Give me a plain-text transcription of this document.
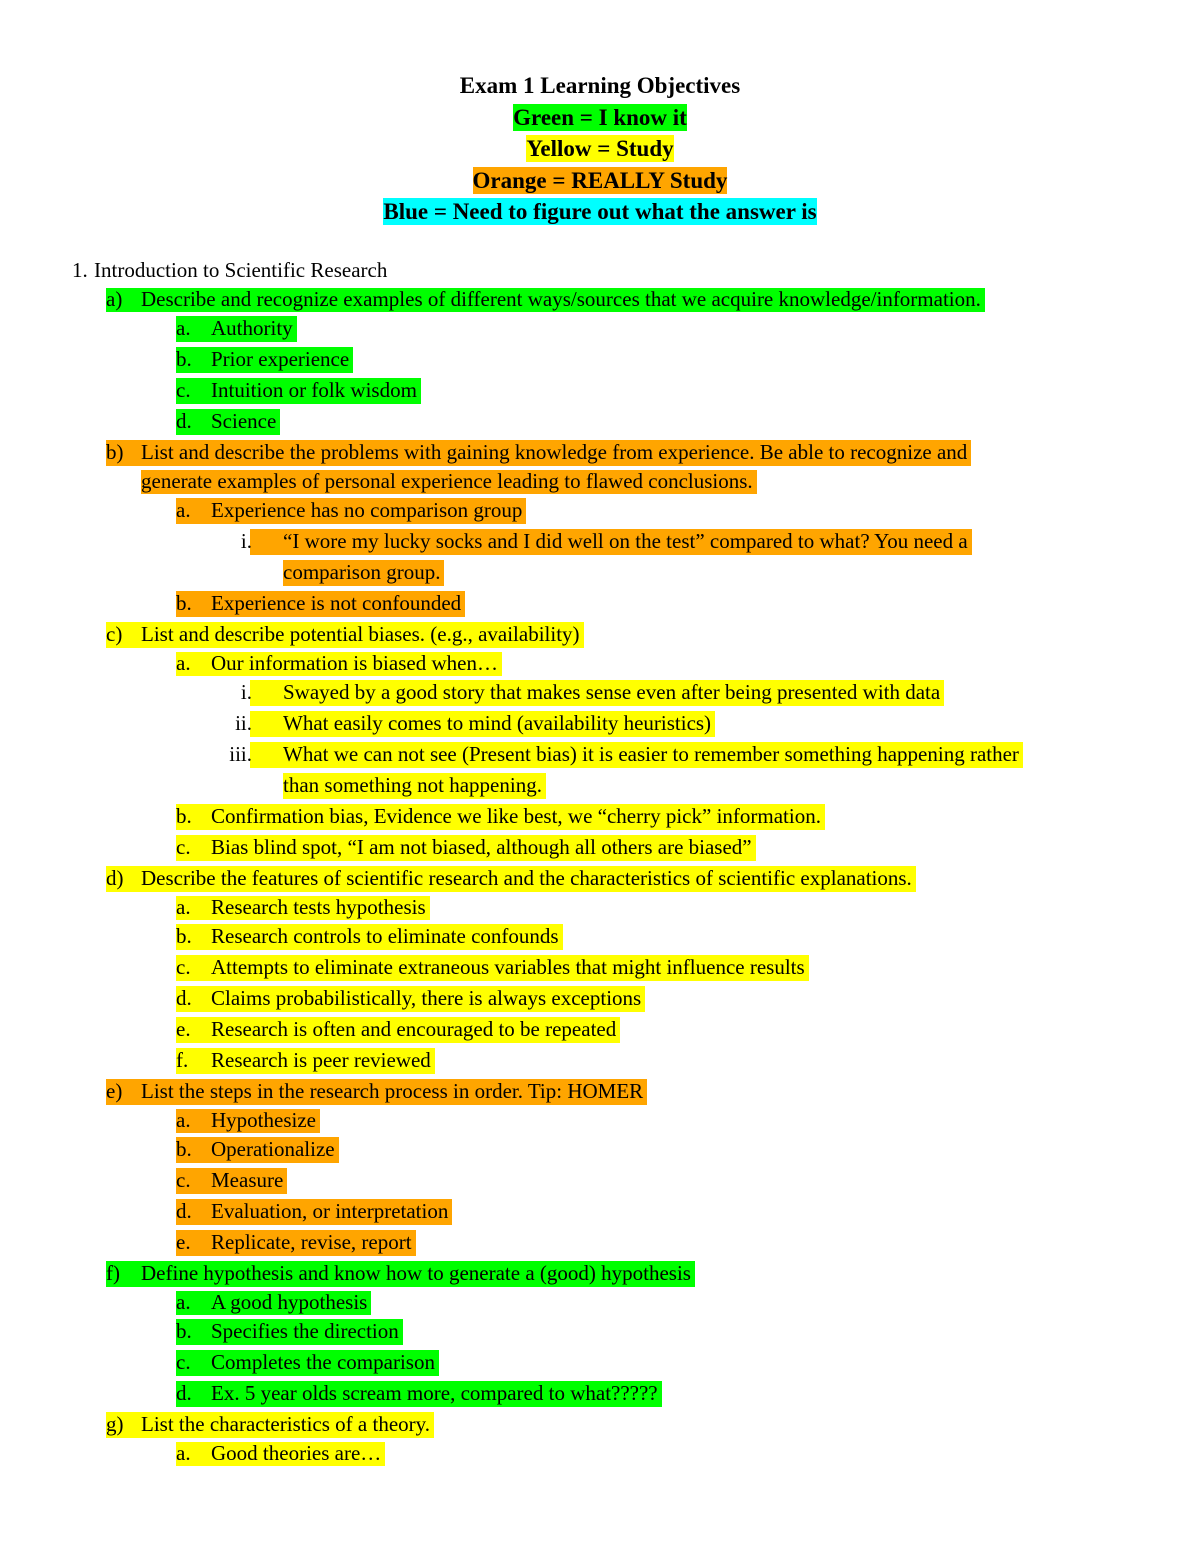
Exam 1 Learning Objectives
Green = I know it
Yellow = Study
Orange = REALLY Study
Blue = Need to figure out what the answer is
1. Introduction to Scientific Research
a) Describe and recognize examples of different ways/sources that we acquire knowledge/information.
a. Authority
b. Prior experience
c. Intuition or folk wisdom
d. Science
b) List and describe the problems with gaining knowledge from experience. Be able to recognize and
generate examples of personal experience leading to flawed conclusions.
a. Experience has no comparison group
i. “I wore my lucky socks and I did well on the test” compared to what? You need a
comparison group.
b. Experience is not confounded
c) List and describe potential biases. (e.g., availability)
a. Our information is biased when…
i. Swayed by a good story that makes sense even after being presented with data
ii. What easily comes to mind (availability heuristics)
iii. What we can not see (Present bias) it is easier to remember something happening rather
than something not happening.
b. Confirmation bias, Evidence we like best, we “cherry pick” information.
c. Bias blind spot, “I am not biased, although all others are biased”
d) Describe the features of scientific research and the characteristics of scientific explanations.
a. Research tests hypothesis
b. Research controls to eliminate confounds
c. Attempts to eliminate extraneous variables that might influence results
d. Claims probabilistically, there is always exceptions
e. Research is often and encouraged to be repeated
f. Research is peer reviewed
e) List the steps in the research process in order. Tip: HOMER
a. Hypothesize
b. Operationalize
c. Measure
d. Evaluation, or interpretation
e. Replicate, revise, report
f) Define hypothesis and know how to generate a (good) hypothesis
a. A good hypothesis
b. Specifies the direction
c. Completes the comparison
d. Ex. 5 year olds scream more, compared to what?????
g) List the characteristics of a theory.
a. Good theories are…
